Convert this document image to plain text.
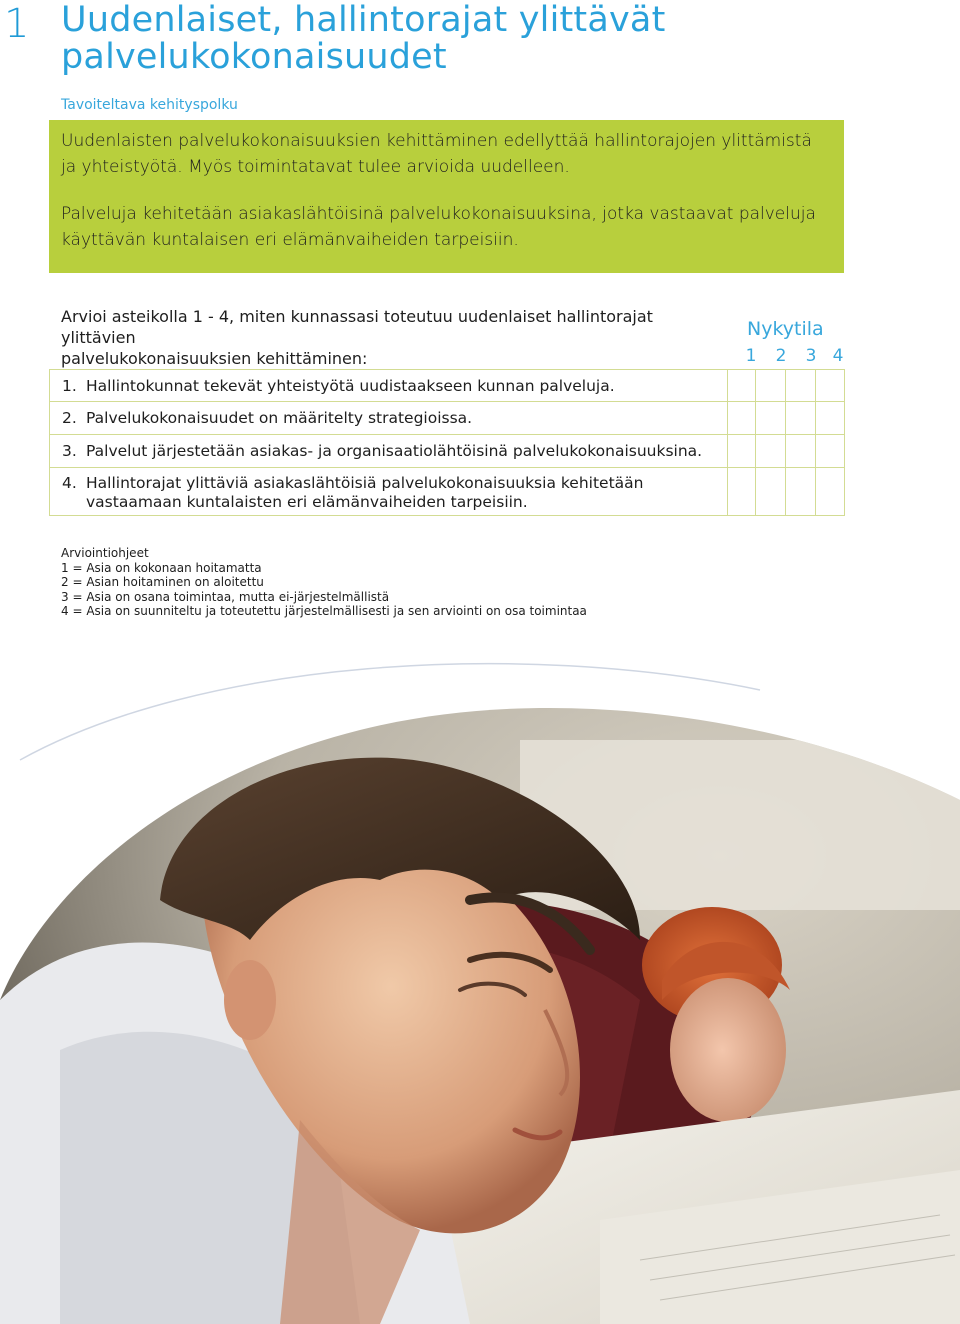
1 Uudenlaiset, hallintorajat ylittävät
palvelukokonaisuudet
Tavoiteltava kehityspolku

Uudenlaisten palvelukokonaisuuksien kehittäminen edellyttää hallintorajojen ylittämistä
ja yhteistyötä. Myös toimintatavat tulee arvioida uudelleen.

Palveluja kehitetään asiakaslähtöisinä palvelukokonaisuuksina, jotka vastaavat palveluja
käyttävän kuntalaisen eri elämänvaiheiden tarpeisiin.

Arvioi asteikolla 1 - 4, miten kunnassasi toteutuu uudenlaiset hallintorajat ylittävien
palvelukokonaisuuksien kehittäminen:
Nykytila
1 2 3 4
1. Hallintokunnat tekevät yhteistyötä uudistaakseen kunnan palveluja.
2. Palvelukokonaisuudet on määritelty strategioissa.
3. Palvelut järjestetään asiakas- ja organisaatiolähtöisinä palvelukokonaisuuksina.
4. Hallintorajat ylittäviä asiakaslähtöisiä palvelukokonaisuuksia kehitetään
vastaamaan kuntalaisten eri elämänvaiheiden tarpeisiin.
Arviointiohjeet
1 = Asia on kokonaan hoitamatta
2 = Asian hoitaminen on aloitettu
3 = Asia on osana toimintaa, mutta ei-järjestelmällistä
4 = Asia on suunniteltu ja toteutettu järjestelmällisesti ja sen arviointi on osa toimintaa
